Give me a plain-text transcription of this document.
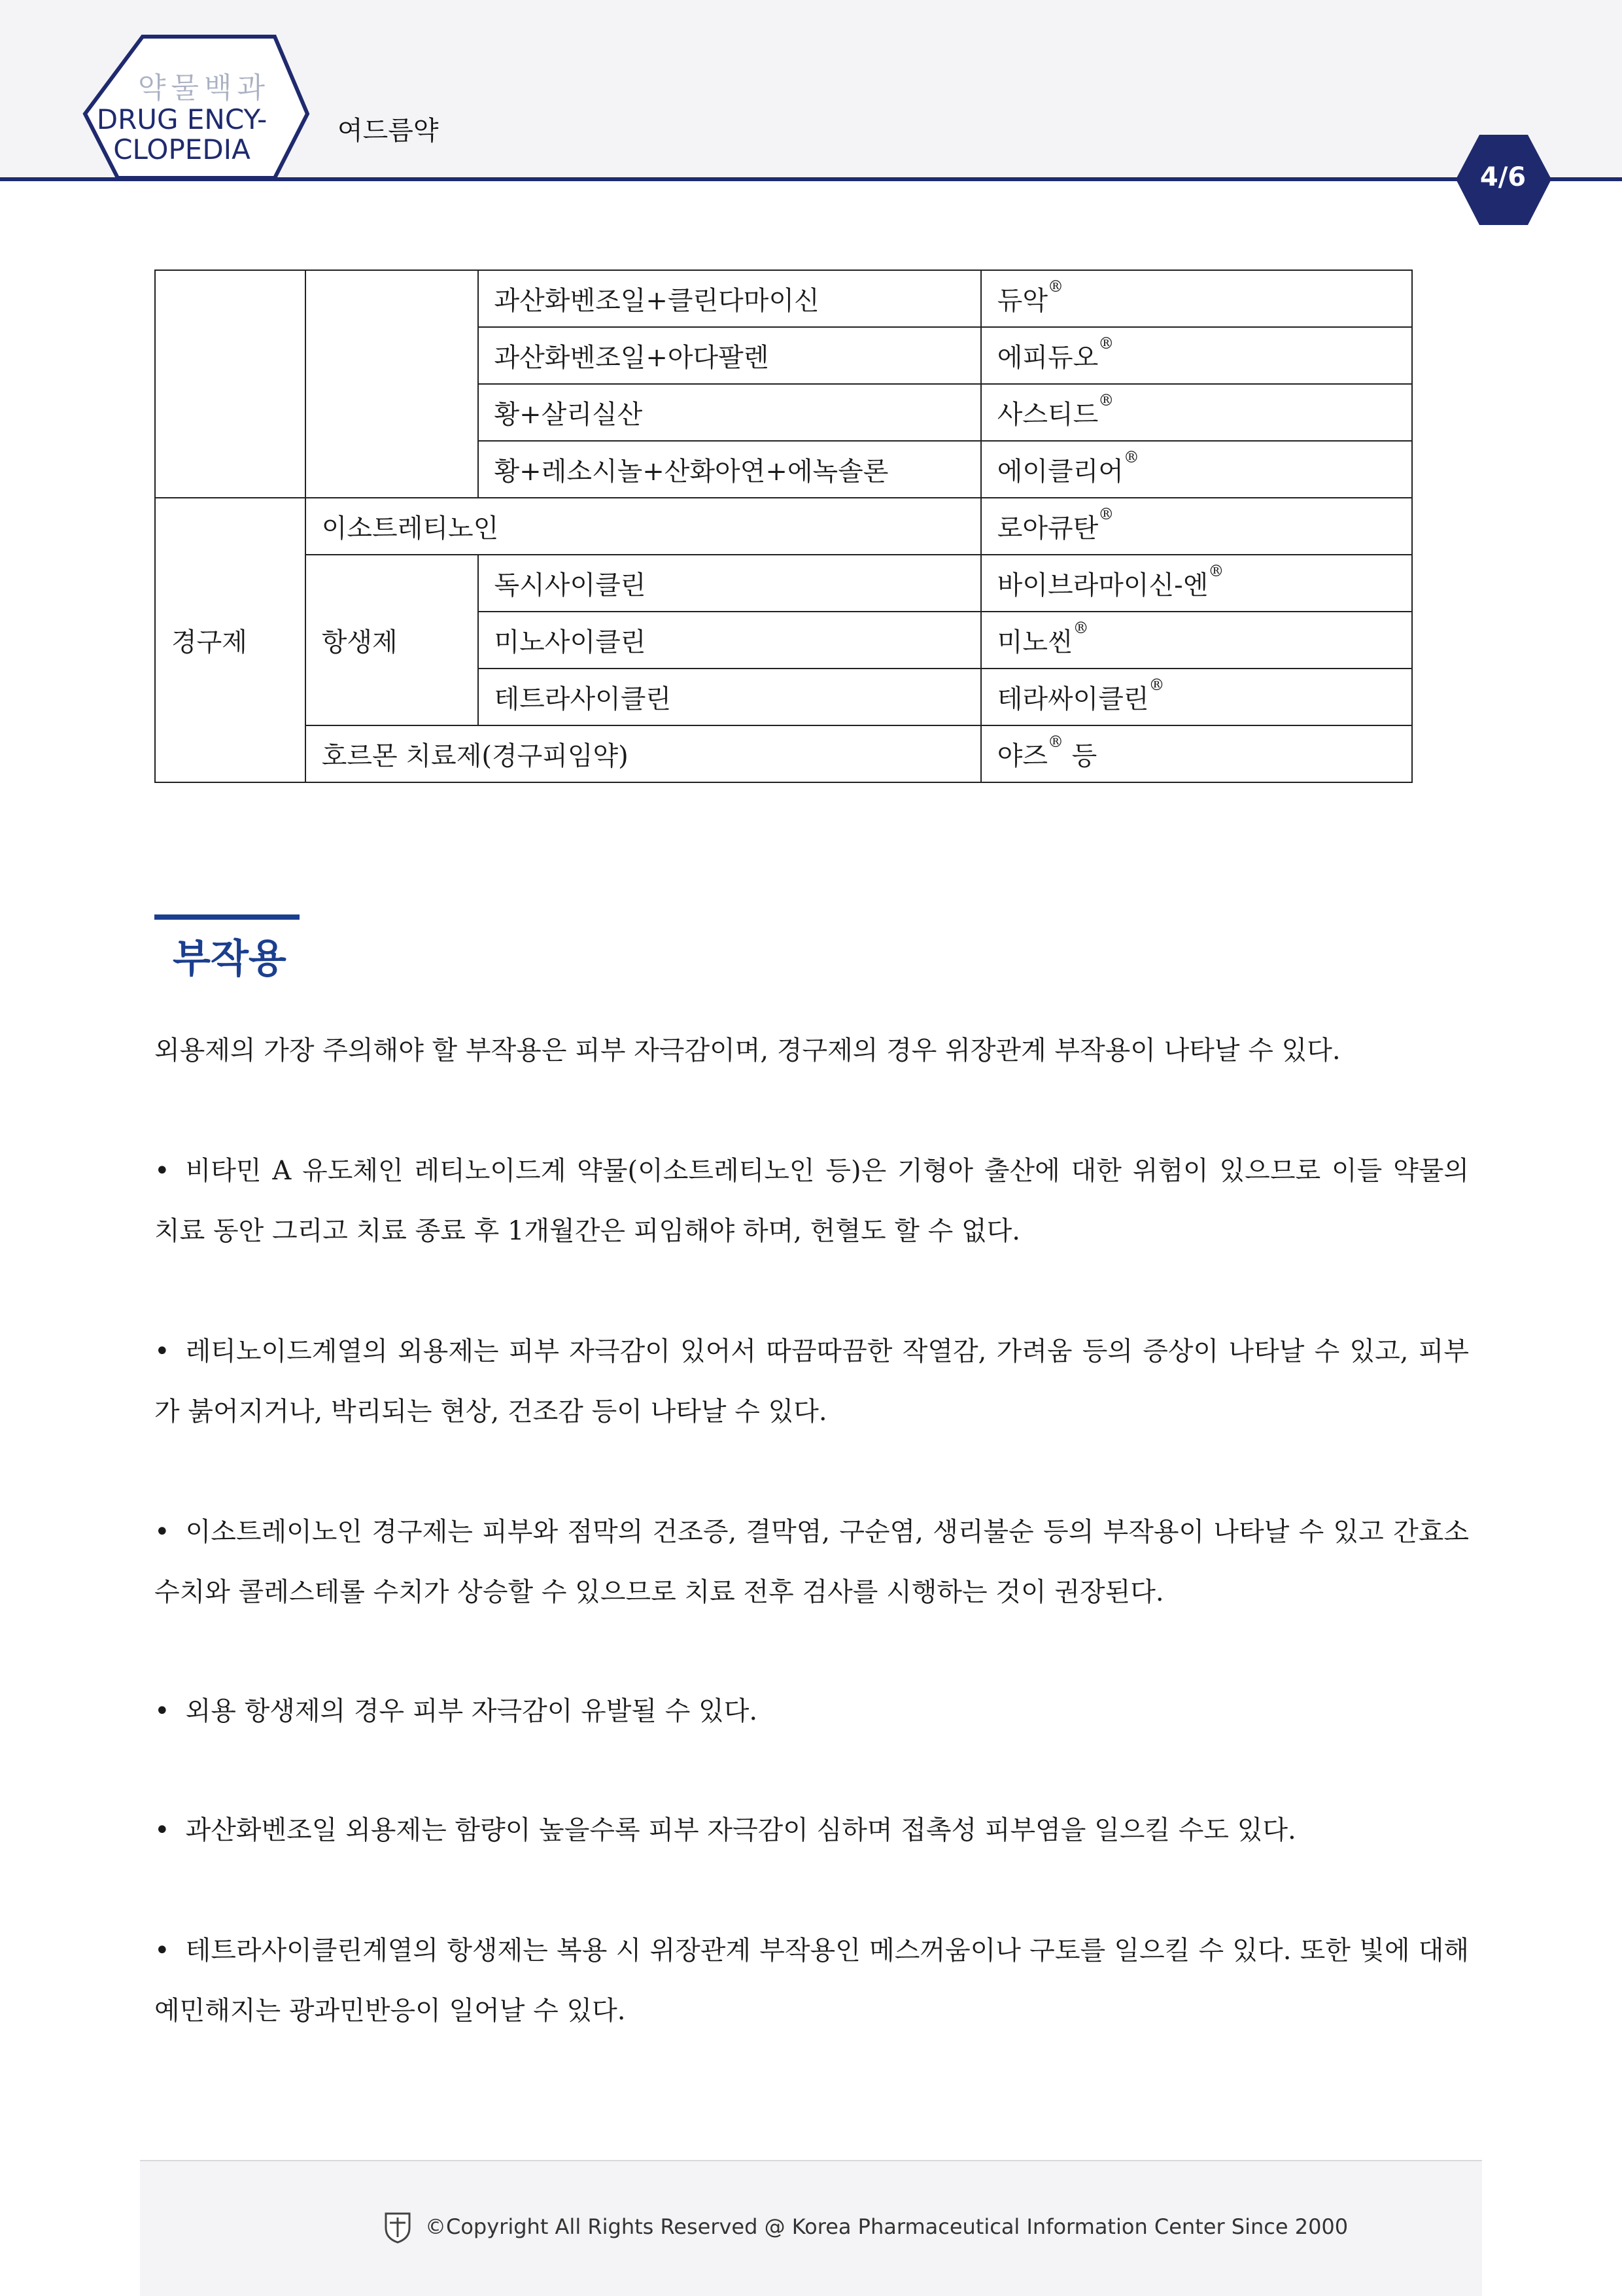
약물백과
DRUG ENCY-
CLOPEDIA
여드름약
4/6
		과산화벤조일+클린다마이신	듀악®
		과산화벤조일+아다팔렌	에피듀오®
		황+살리실산	사스티드®
		황+레소시놀+산화아연+에녹솔론	에이클리어®
경구제	이소트레티노인		로아큐탄®
	항생제	독시사이클린	바이브라마이신-엔®
		미노사이클린	미노씬®
		테트라사이클린	테라싸이클린®
	호르몬 치료제(경구피임약)		야즈® 등
부작용
외용제의 가장 주의해야 할 부작용은 피부 자극감이며, 경구제의 경우 위장관계 부작용이 나타날 수 있다.
• 비타민 A 유도체인 레티노이드계 약물(이소트레티노인 등)은 기형아 출산에 대한 위험이 있으므로 이들 약물의 치료 동안 그리고 치료 종료 후 1개월간은 피임해야 하며, 헌혈도 할 수 없다.
• 레티노이드계열의 외용제는 피부 자극감이 있어서 따끔따끔한 작열감, 가려움 등의 증상이 나타날 수 있고, 피부가 붉어지거나, 박리되는 현상, 건조감 등이 나타날 수 있다.
• 이소트레이노인 경구제는 피부와 점막의 건조증, 결막염, 구순염, 생리불순 등의 부작용이 나타날 수 있고 간효소 수치와 콜레스테롤 수치가 상승할 수 있으므로 치료 전후 검사를 시행하는 것이 권장된다.
• 외용 항생제의 경우 피부 자극감이 유발될 수 있다.
• 과산화벤조일 외용제는 함량이 높을수록 피부 자극감이 심하며 접촉성 피부염을 일으킬 수도 있다.
• 테트라사이클린계열의 항생제는 복용 시 위장관계 부작용인 메스꺼움이나 구토를 일으킬 수 있다. 또한 빛에 대해 예민해지는 광과민반응이 일어날 수 있다.
©Copyright All Rights Reserved @ Korea Pharmaceutical Information Center Since 2000
